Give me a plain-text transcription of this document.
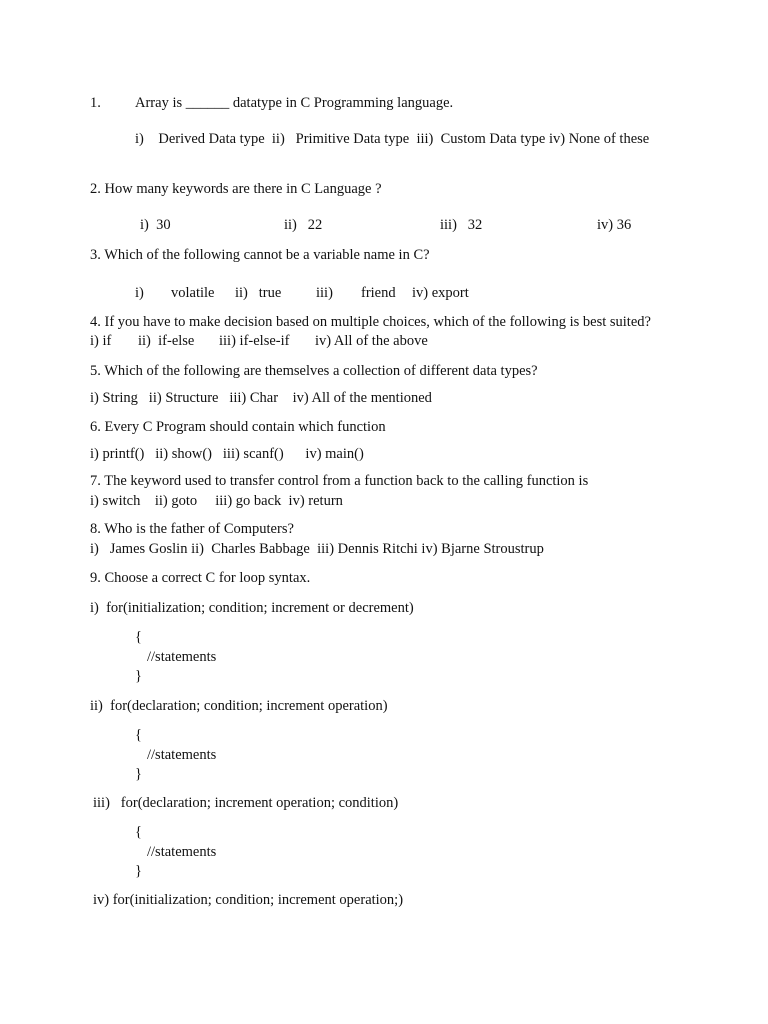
1. Array is ______ datatype in C Programming language.
i)    Derived Data type  ii)   Primitive Data type  iii)  Custom Data type iv) None of these
2. How many keywords are there in C Language ?
i)  30	ii)   22	iii)   32	iv) 36
3. Which of the following cannot be a variable name in C?
i) volatile ii)   true iii) friend iv) export
4. If you have to make decision based on multiple choices, which of the following is best suited?
i) if ii)  if-else iii) if-else-if iv) All of the above
5. Which of the following are themselves a collection of different data types?
i) String   ii) Structure   iii) Char    iv) All of the mentioned
6. Every C Program should contain which function
i) printf()   ii) show()   iii) scanf()      iv) main()
7. The keyword used to transfer control from a function back to the calling function is
i) switch    ii) goto     iii) go back  iv) return
8. Who is the father of Computers?
i)   James Goslin ii)  Charles Babbage  iii) Dennis Ritchi iv) Bjarne Stroustrup
9. Choose a correct C for loop syntax.
i)  for(initialization; condition; increment or decrement)
{
//statements
}
ii)  for(declaration; condition; increment operation)
{
//statements
}
iii)   for(declaration; increment operation; condition)
{
//statements
}
iv) for(initialization; condition; increment operation;)
